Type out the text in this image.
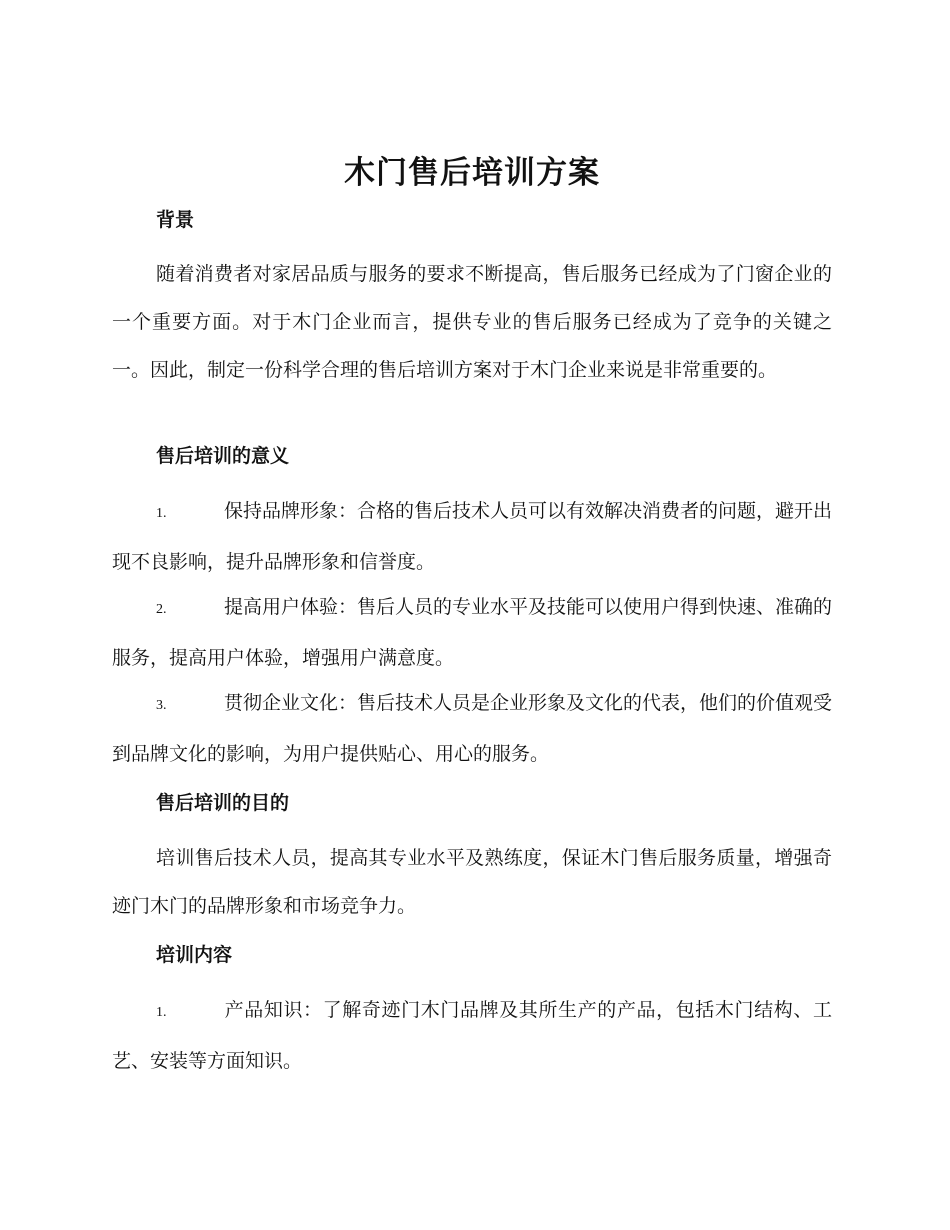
木门售后培训方案
背景

随着消费者对家居品质与服务的要求不断提高，售后服务已经成为了门窗企业的一个重要方面。对于木门企业而言，提供专业的售后服务已经成为了竞争的关键之一。因此，制定一份科学合理的售后培训方案对于木门企业来说是非常重要的。

售后培训的意义

1.	保持品牌形象：合格的售后技术人员可以有效解决消费者的问题，避开出现不良影响，提升品牌形象和信誉度。

2.	提高用户体验：售后人员的专业水平及技能可以使用户得到快速、准确的服务，提高用户体验，增强用户满意度。

3.	贯彻企业文化：售后技术人员是企业形象及文化的代表，他们的价值观受到品牌文化的影响，为用户提供贴心、用心的服务。

售后培训的目的

培训售后技术人员，提高其专业水平及熟练度，保证木门售后服务质量，增强奇迹门木门的品牌形象和市场竞争力。

培训内容

1.	产品知识：了解奇迹门木门品牌及其所生产的产品，包括木门结构、工艺、安装等方面知识。
